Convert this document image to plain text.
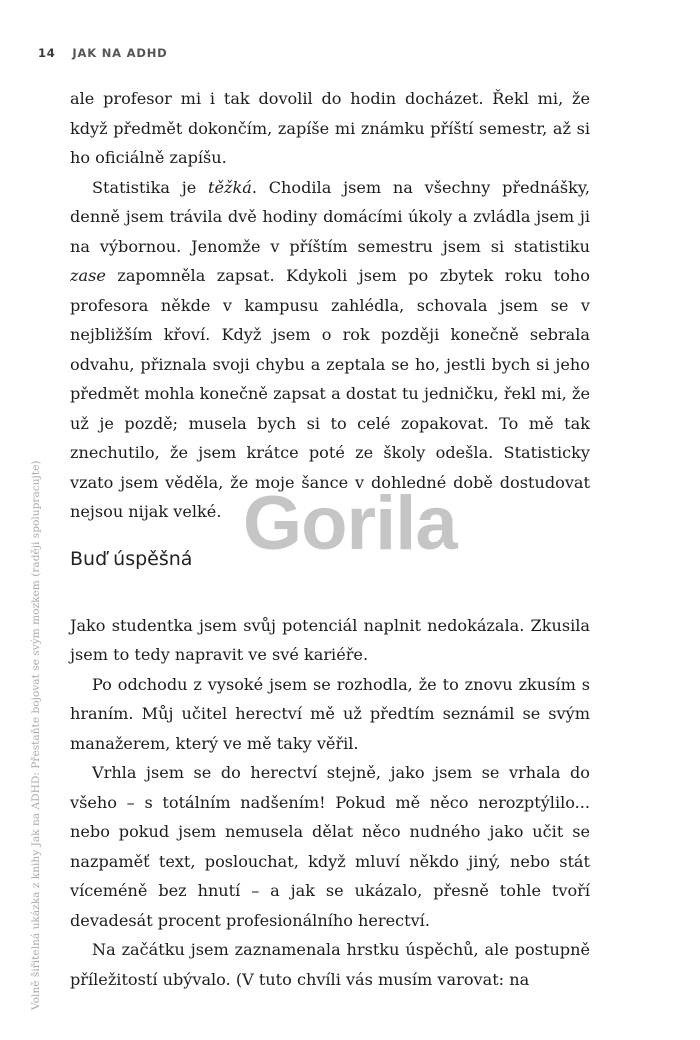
14 JAK NA ADHD
Volně šiřitelná ukázka z knihy Jak na ADHD: Přestaňte bojovat se svým mozkem (raději spolupracujte)

ale profesor mi i tak dovolil do hodin docházet. Řekl mi, že když předmět dokončím, zapíše mi známku příští semestr, až si ho oficiálně zapíšu.

Statistika je těžká. Chodila jsem na všechny přednášky, denně jsem trávila dvě hodiny domácími úkoly a zvládla jsem ji na výbornou. Jenomže v příštím semestru jsem si statistiku zase zapomněla zapsat. Kdykoli jsem po zbytek roku toho profesora někde v kampusu zahlédla, schovala jsem se v nejbližším křoví. Když jsem o rok později konečně sebrala odvahu, přiznala svoji chybu a zeptala se ho, jestli bych si jeho předmět mohla konečně zapsat a dostat tu jedničku, řekl mi, že už je pozdě; musela bych si to celé zopakovat. To mě tak znechutilo, že jsem krátce poté ze školy odešla. Statisticky vzato jsem věděla, že moje šance v dohledné době dostudovat nejsou nijak velké.

Buď úspěšná

Jako studentka jsem svůj potenciál naplnit nedokázala. Zkusila jsem to tedy napravit ve své kariéře.

Po odchodu z vysoké jsem se rozhodla, že to znovu zkusím s hraním. Můj učitel herectví mě už předtím seznámil se svým manažerem, který ve mě taky věřil.

Vrhla jsem se do herectví stejně, jako jsem se vrhala do všeho – s totálním nadšením! Pokud mě něco nerozptýlilo... nebo pokud jsem nemusela dělat něco nudného jako učit se nazpaměť text, poslouchat, když mluví někdo jiný, nebo stát víceméně bez hnutí – a jak se ukázalo, přesně tohle tvoří devadesát procent profesionálního herectví.

Na začátku jsem zaznamenala hrstku úspěchů, ale postupně příležitostí ubývalo. (V tuto chvíli vás musím varovat: na

Gorila
